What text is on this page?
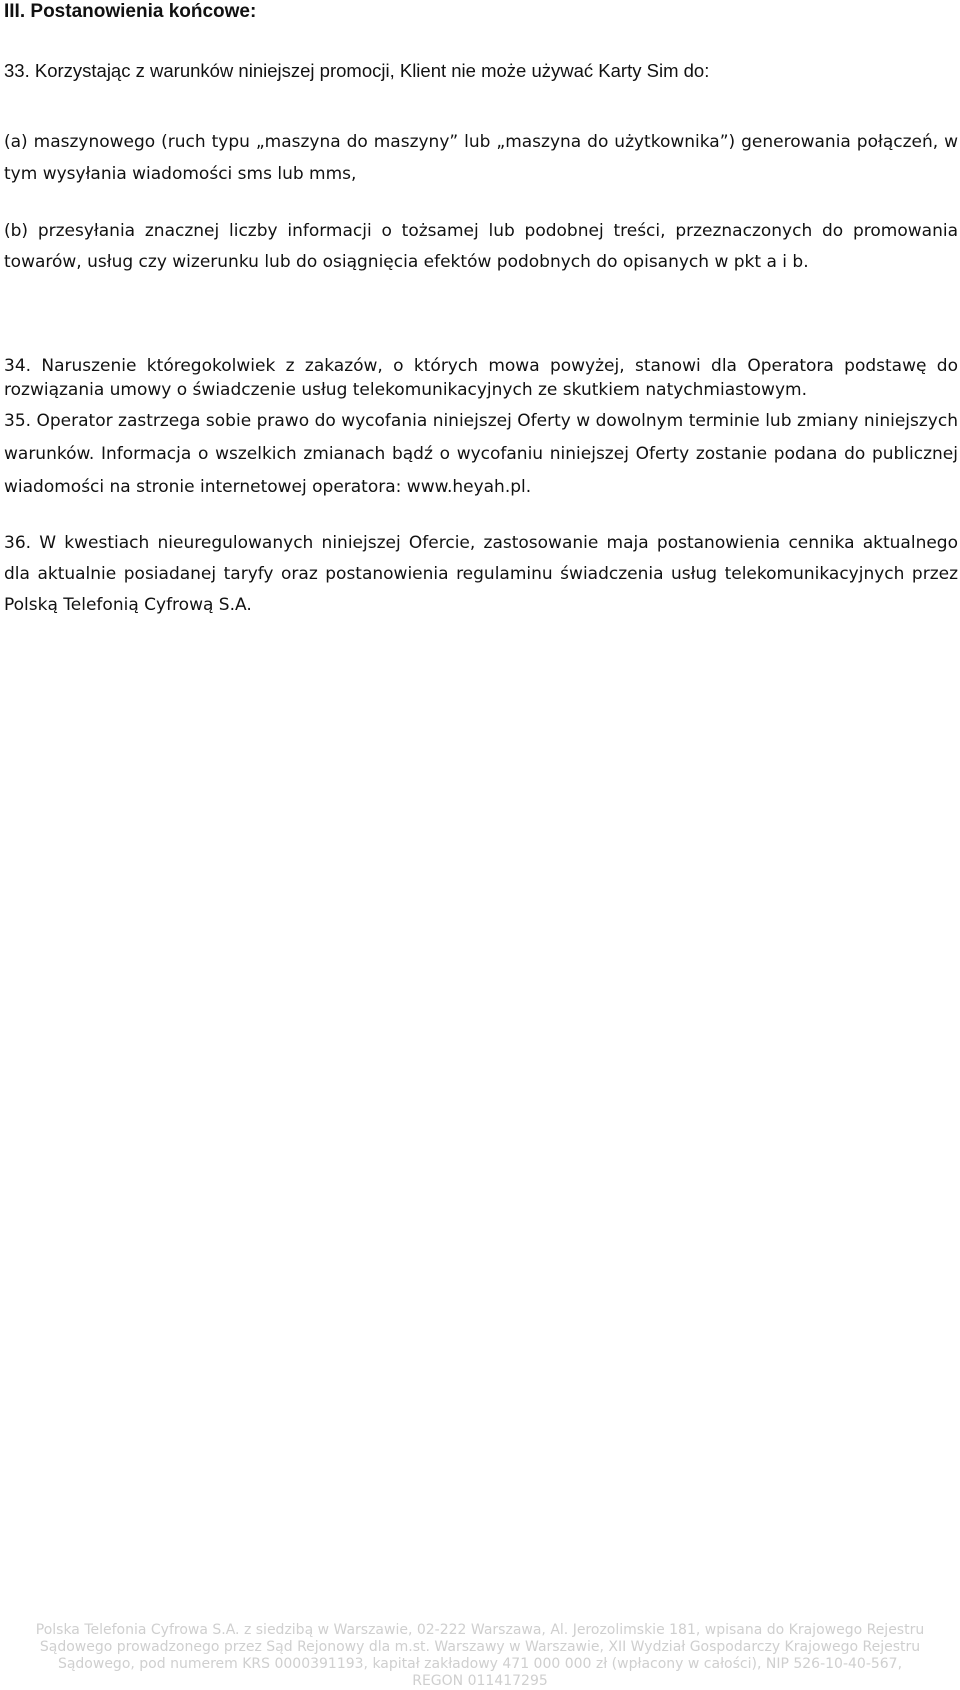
III. Postanowienia końcowe:

33. Korzystając z warunków niniejszej promocji, Klient nie może używać Karty Sim do:

(a) maszynowego (ruch typu „maszyna do maszyny” lub „maszyna do użytkownika”) generowania połączeń, w tym wysyłania wiadomości sms lub mms,

(b) przesyłania znacznej liczby informacji o tożsamej lub podobnej treści, przeznaczonych do promowania towarów, usług czy wizerunku lub do osiągnięcia efektów podobnych do opisanych w pkt a i b.

34. Naruszenie któregokolwiek z zakazów, o których mowa powyżej, stanowi dla Operatora podstawę do rozwiązania umowy o świadczenie usług telekomunikacyjnych ze skutkiem natychmiastowym.

35. Operator zastrzega sobie prawo do wycofania niniejszej Oferty w dowolnym terminie lub zmiany niniejszych warunków. Informacja o wszelkich zmianach bądź o wycofaniu niniejszej Oferty zostanie podana do publicznej wiadomości na stronie internetowej operatora: www.heyah.pl.

36. W kwestiach nieuregulowanych niniejszej Ofercie, zastosowanie maja postanowienia cennika aktualnego dla aktualnie posiadanej taryfy oraz postanowienia regulaminu świadczenia usług telekomunikacyjnych przez Polską Telefonią Cyfrową S.A.

Polska Telefonia Cyfrowa S.A. z siedzibą w Warszawie, 02-222 Warszawa, Al. Jerozolimskie 181, wpisana do Krajowego Rejestru
Sądowego prowadzonego przez Sąd Rejonowy dla m.st. Warszawy w Warszawie, XII Wydział Gospodarczy Krajowego Rejestru
Sądowego, pod numerem KRS 0000391193, kapitał zakładowy 471 000 000 zł (wpłacony w całości), NIP 526-10-40-567,
REGON 011417295
